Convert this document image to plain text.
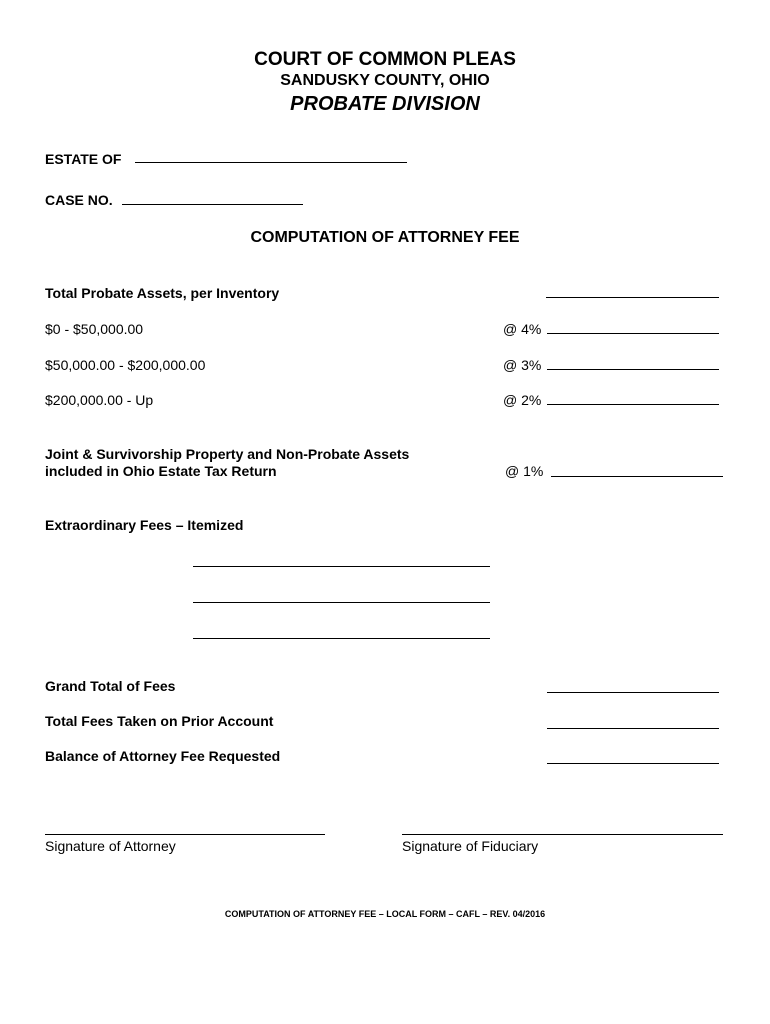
COURT OF COMMON PLEAS
SANDUSKY COUNTY, OHIO
PROBATE DIVISION
ESTATE OF
CASE NO.
COMPUTATION OF ATTORNEY FEE
Total Probate Assets, per Inventory
$0 - $50,000.00	@ 4%
$50,000.00 - $200,000.00	@ 3%
$200,000.00 - Up	@ 2%
Joint & Survivorship Property and Non-Probate Assets
included in Ohio Estate Tax Return	@ 1%
Extraordinary Fees – Itemized
Grand Total of Fees
Total Fees Taken on Prior Account
Balance of Attorney Fee Requested
Signature of Attorney	Signature of Fiduciary
COMPUTATION OF ATTORNEY FEE – LOCAL FORM – CAFL – REV. 04/2016
